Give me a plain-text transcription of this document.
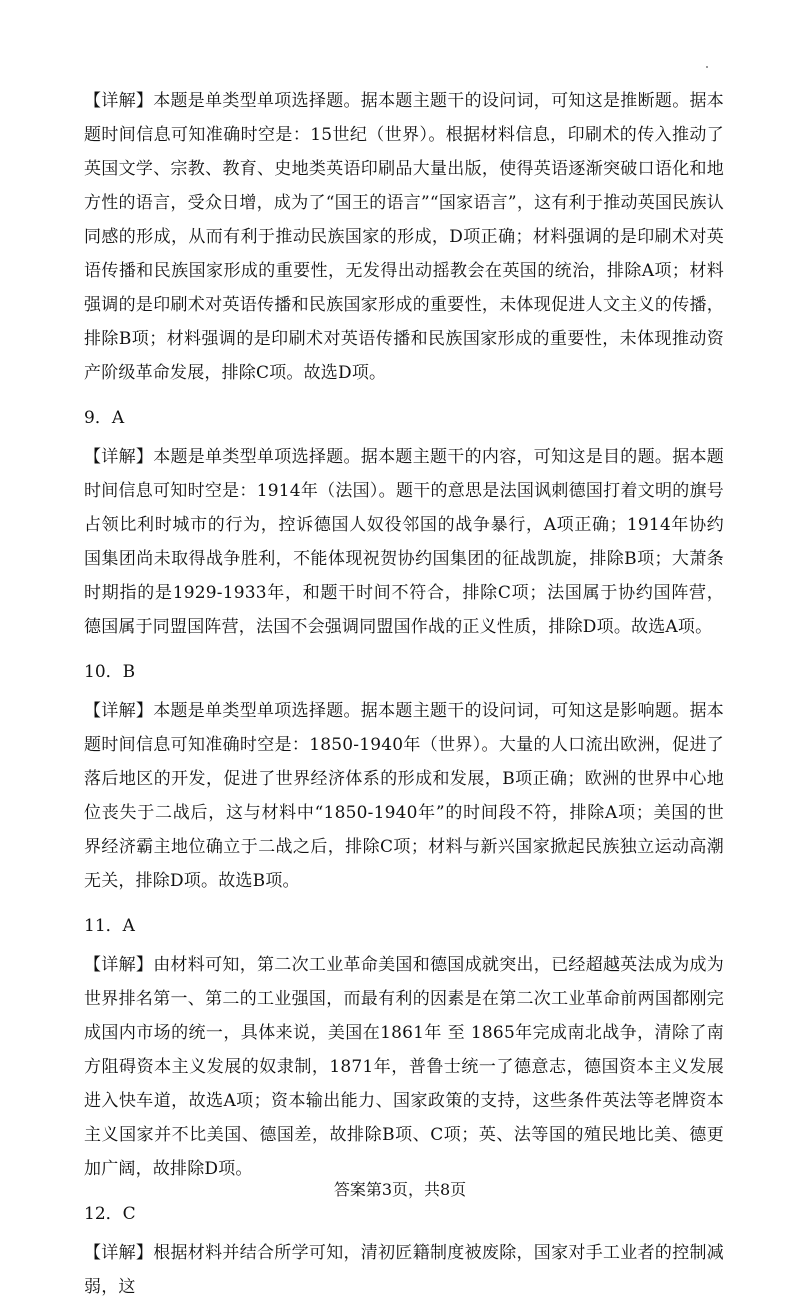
【详解】本题是单类型单项选择题。据本题主题干的设问词，可知这是推断题。据本题时间信息可知准确时空是：15世纪（世界）。根据材料信息，印刷术的传入推动了英国文学、宗教、教育、史地类英语印刷品大量出版，使得英语逐渐突破口语化和地方性的语言，受众日增，成为了“国王的语言”“国家语言”，这有利于推动英国民族认同感的形成，从而有利于推动民族国家的形成，D项正确；材料强调的是印刷术对英语传播和民族国家形成的重要性，无发得出动摇教会在英国的统治，排除A项；材料强调的是印刷术对英语传播和民族国家形成的重要性，未体现促进人文主义的传播，排除B项；材料强调的是印刷术对英语传播和民族国家形成的重要性，未体现推动资产阶级革命发展，排除C项。故选D项。

9．A

【详解】本题是单类型单项选择题。据本题主题干的内容，可知这是目的题。据本题时间信息可知时空是：1914年（法国）。题干的意思是法国讽刺德国打着文明的旗号占领比利时城市的行为，控诉德国人奴役邻国的战争暴行，A项正确；1914年协约国集团尚未取得战争胜利，不能体现祝贺协约国集团的征战凯旋，排除B项；大萧条时期指的是1929-1933年，和题干时间不符合，排除C项；法国属于协约国阵营，德国属于同盟国阵营，法国不会强调同盟国作战的正义性质，排除D项。故选A项。

10．B

【详解】本题是单类型单项选择题。据本题主题干的设问词，可知这是影响题。据本题时间信息可知准确时空是：1850-1940年（世界）。大量的人口流出欧洲，促进了落后地区的开发，促进了世界经济体系的形成和发展，B项正确；欧洲的世界中心地位丧失于二战后，这与材料中“1850-1940年”的时间段不符，排除A项；美国的世界经济霸主地位确立于二战之后，排除C项；材料与新兴国家掀起民族独立运动高潮无关，排除D项。故选B项。

11．A

【详解】由材料可知，第二次工业革命美国和德国成就突出，已经超越英法成为成为世界排名第一、第二的工业强国，而最有利的因素是在第二次工业革命前两国都刚完成国内市场的统一，具体来说，美国在1861年 至 1865年完成南北战争，清除了南方阻碍资本主义发展的奴隶制，1871年，普鲁士统一了德意志，德国资本主义发展进入快车道，故选A项；资本输出能力、国家政策的支持，这些条件英法等老牌资本主义国家并不比美国、德国差，故排除B项、C项；英、法等国的殖民地比美、德更加广阔，故排除D项。

12．C

【详解】根据材料并结合所学可知，清初匠籍制度被废除，国家对手工业者的控制减弱，这

答案第3页，共8页
